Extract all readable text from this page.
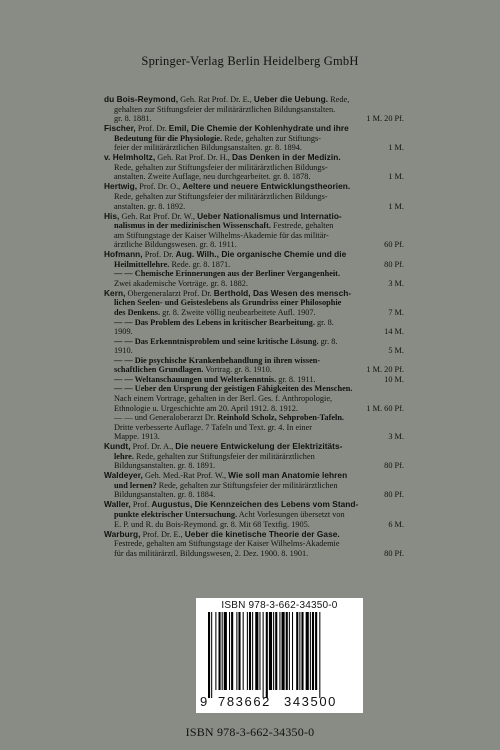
Springer-Verlag Berlin Heidelberg GmbH
du Bois-Reymond, Geh. Rat Prof. Dr. E., Ueber die Uebung. Rede,
gehalten zur Stiftungsfeier der militärärztlichen Bildungsanstalten.
1 M. 20 Pf.
gr. 8. 1881.
Fischer, Prof. Dr. Emil, Die Chemie der Kohlenhydrate und ihre
Bedeutung für die Physiologie. Rede, gehalten zur Stiftungs-
1 M.
feier der militärärztlichen Bildungsanstalten. gr. 8. 1894.
v. Helmholtz, Geh. Rat Prof. Dr. H., Das Denken in der Medizin.
Rede, gehalten zur Stiftungsfeier der militärärztlichen Bildungs-
1 M.
anstalten. Zweite Auflage, neu durchgearbeitet. gr. 8. 1878.
Hertwig, Prof. Dr. O., Aeltere und neuere Entwicklungstheorien.
Rede, gehalten zur Stiftungsfeier der militärärztlichen Bildungs-
1 M.
anstalten. gr. 8. 1892.
His, Geh. Rat Prof. Dr. W., Ueber Nationalismus und Internatio-
nalismus in der medizinischen Wissenschaft. Festrede, gehalten
am Stiftungstage der Kaiser Wilhelms-Akademie für das militär-
60 Pf.
ärztliche Bildungswesen. gr. 8. 1911.
Hofmann, Prof. Dr. Aug. Wilh., Die organische Chemie und die
80 Pf.
Heilmittellehre. Rede. gr. 8. 1871.
— — Chemische Erinnerungen aus der Berliner Vergangenheit.
3 M.
Zwei akademische Vorträge. gr. 8. 1882.
Kern, Obergeneralarzt Prof. Dr. Berthold, Das Wesen des mensch-
lichen Seelen- und Geisteslebens als Grundriss einer Philosophie
7 M.
des Denkens. gr. 8. Zweite völlig neubearbeitete Aufl. 1907.
— — Das Problem des Lebens in kritischer Bearbeitung. gr. 8.
14 M.
1909.
— — Das Erkenntnisproblem und seine kritische Lösung. gr. 8.
5 M.
1910.
— — Die psychische Krankenbehandlung in ihren wissen-
1 M. 20 Pf.
schaftlichen Grundlagen. Vortrag. gr. 8. 1910.
10 M.
— — Weltanschauungen und Welterkenntnis. gr. 8. 1911.
— — Ueber den Ursprung der geistigen Fähigkeiten des Menschen.
Nach einem Vortrage, gehalten in der Berl. Ges. f. Anthropologie,
1 M. 60 Pf.
Ethnologie u. Urgeschichte am 20. April 1912. 8. 1912.
— — und Generaloberarzt Dr. Reinhold Scholz, Sehproben-Tafeln.
Dritte verbesserte Auflage. 7 Tafeln und Text. gr. 4. In einer
3 M.
Mappe. 1913.
Kundt, Prof. Dr. A., Die neuere Entwickelung der Elektrizitäts-
lehre. Rede, gehalten zur Stiftungsfeier der militärärztlichen
80 Pf.
Bildungsanstalten. gr. 8. 1891.
Waldeyer, Geh. Med.-Rat Prof. W., Wie soll man Anatomie lehren
und lernen? Rede, gehalten zur Stiftungsfeier der militärärztlichen
80 Pf.
Bildungsanstalten. gr. 8. 1884.
Waller, Prof. Augustus, Die Kennzeichen des Lebens vom Stand-
punkte elektrischer Untersuchung. Acht Vorlesungen übersetzt von
6 M.
E. P. und R. du Bois-Reymond. gr. 8. Mit 68 Textfig. 1905.
Warburg, Prof. Dr. E., Ueber die kinetische Theorie der Gase.
Festrede, gehalten am Stiftungstage der Kaiser Wilhelms-Akademie
80 Pf.
für das militärärztl. Bildungswesen, 2. Dez. 1900. 8. 1901.
ISBN 978-3-662-34350-0
9 783662 343500
ISBN 978-3-662-34350-0
